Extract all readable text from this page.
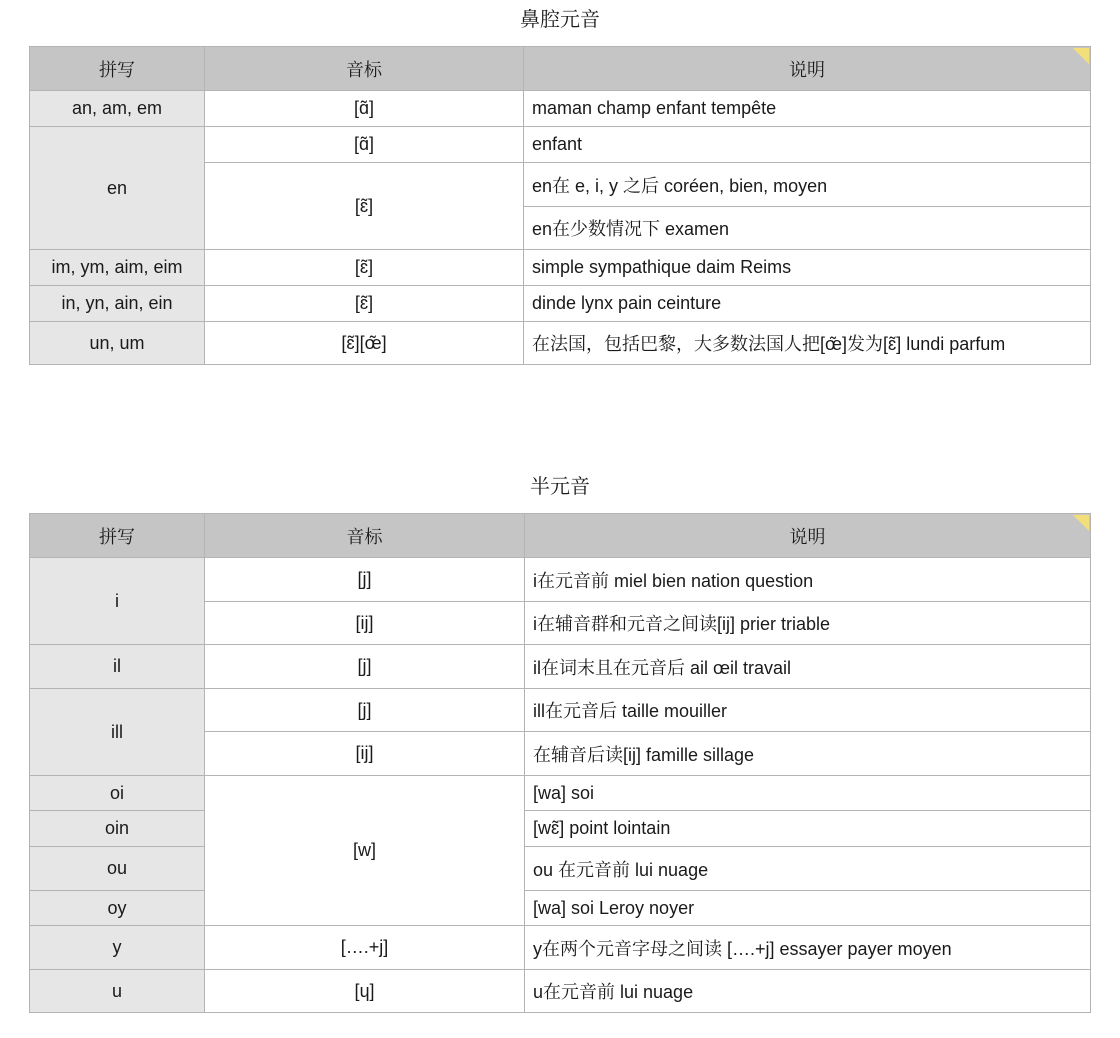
鼻腔元音
拼写	音标	说明

an, am, em	[ɑ̃]	maman champ enfant tempête
en	[ɑ̃]	enfant
	[ɛ̃]	en在 e, i, y 之后 coréen, bien, moyen
		en在少数情况下 examen
im, ym, aim, eim	[ɛ̃]	simple sympathique daim Reims
in, yn, ain, ein	[ɛ̃]	dinde lynx pain ceinture
un, um	[ɛ̃][œ̃]	在法国，包括巴黎，大多数法国人把[œ̃]发为[ɛ̃] lundi parfum
半元音
拼写	音标	说明

i	[j]	i在元音前 miel bien nation question
	[ij]	i在辅音群和元音之间读[ij] prier triable
il	[j]	il在词末且在元音后 ail œil travail
ill	[j]	ill在元音后 taille mouiller
	[ij]	在辅音后读[ij] famille sillage
oi	[w]	[wa] soi
oin		[wɛ̃] point lointain
ou		ou 在元音前 lui nuage
oy		[wa] soi Leroy noyer
y	[….+j]	y在两个元音字母之间读 [….+j] essayer payer moyen
u	[ɥ]	u在元音前 lui nuage
